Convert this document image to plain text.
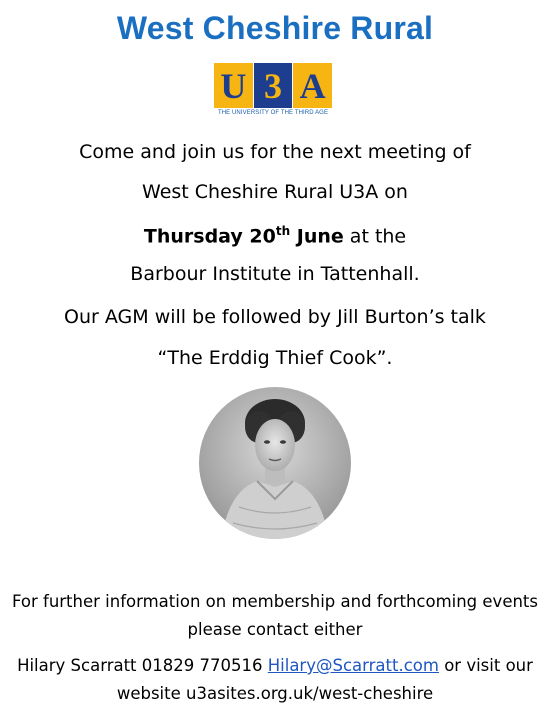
West Cheshire Rural
U 3 A
THE UNIVERSITY OF THE THIRD AGE
Come and join us for the next meeting of
West Cheshire Rural U3A on
Thursday 20th June at the
Barbour Institute in Tattenhall.
Our AGM will be followed by Jill Burton’s talk
“The Erddig Thief Cook”.
For further information on membership and forthcoming events
please contact either
Hilary Scarratt 01829 770516 Hilary@Scarratt.com or visit our
website u3asites.org.uk/west-cheshire
